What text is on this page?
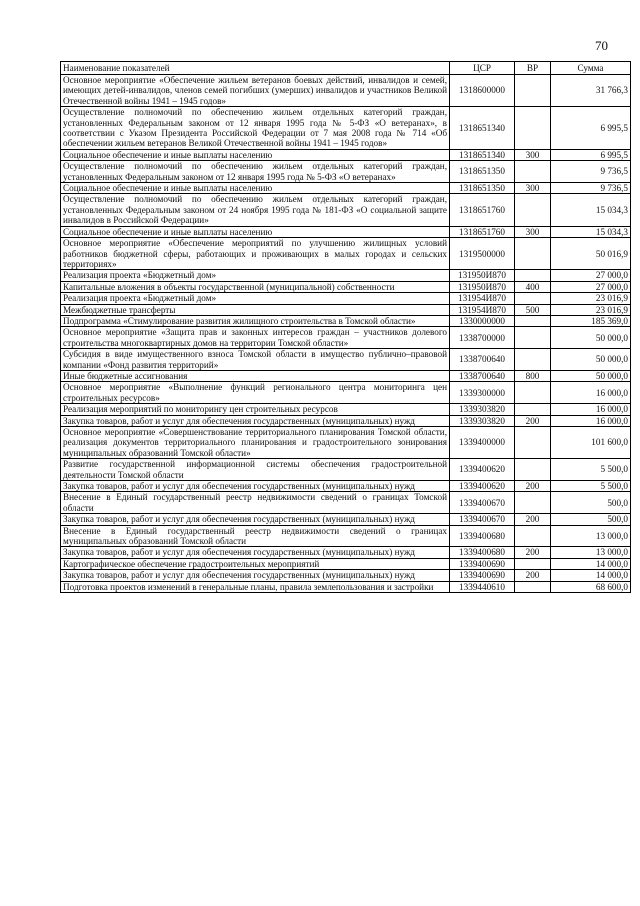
70
Наименование показателей	ЦСР	ВР	Сумма
Основное мероприятие «Обеспечение жильем ветеранов боевых действий, инвалидов и семей, имеющих детей-инвалидов, членов семей погибших (умерших) инвалидов и участников Великой Отечественной войны 1941 – 1945 годов»	1318600000		31 766,3
Осуществление полномочий по обеспечению жильем отдельных категорий граждан, установленных Федеральным законом от 12 января 1995 года № 5-ФЗ «О ветеранах», в соответствии с Указом Президента Российской Федерации от 7 мая 2008 года № 714 «Об обеспечении жильем ветеранов Великой Отечественной войны 1941 – 1945 годов»	1318651340		6 995,5
Социальное обеспечение и иные выплаты населению	1318651340	300	6 995,5
Осуществление полномочий по обеспечению жильем отдельных категорий граждан, установленных Федеральным законом от 12 января 1995 года № 5-ФЗ «О ветеранах»	1318651350		9 736,5
Социальное обеспечение и иные выплаты населению	1318651350	300	9 736,5
Осуществление полномочий по обеспечению жильем отдельных категорий граждан, установленных Федеральным законом от 24 ноября 1995 года № 181-ФЗ «О социальной защите инвалидов в Российской Федерации»	1318651760		15 034,3
Социальное обеспечение и иные выплаты населению	1318651760	300	15 034,3
Основное мероприятие «Обеспечение мероприятий по улучшению жилищных условий работников бюджетной сферы, работающих и проживающих в малых городах и сельских территориях»	1319500000		50 016,9
Реализация проекта «Бюджетный дом»	131950И870		27 000,0
Капитальные вложения в объекты государственной (муниципальной) собственности	131950И870	400	27 000,0
Реализация проекта «Бюджетный дом»	131954И870		23 016,9
Межбюджетные трансферты	131954И870	500	23 016,9
Подпрограмма «Стимулирование развития жилищного строительства в Томской области»	1330000000		185 369,0
Основное мероприятие «Защита прав и законных интересов граждан – участников долевого строительства многоквартирных домов на территории Томской области»	1338700000		50 000,0
Субсидия в виде имущественного взноса Томской области в имущество публично–правовой компании «Фонд развития территорий»	1338700640		50 000,0
Иные бюджетные ассигнования	1338700640	800	50 000,0
Основное мероприятие «Выполнение функций регионального центра мониторинга цен строительных ресурсов»	1339300000		16 000,0
Реализация мероприятий по мониторингу цен строительных ресурсов	1339303820		16 000,0
Закупка товаров, работ и услуг для обеспечения государственных (муниципальных) нужд	1339303820	200	16 000,0
Основное мероприятие «Совершенствование территориального планирования Томской области, реализация документов территориального планирования и градостроительного зонирования муниципальных образований Томской области»	1339400000		101 600,0
Развитие государственной информационной системы обеспечения градостроительной деятельности Томской области	1339400620		5 500,0
Закупка товаров, работ и услуг для обеспечения государственных (муниципальных) нужд	1339400620	200	5 500,0
Внесение в Единый государственный реестр недвижимости сведений о границах Томской области	1339400670		500,0
Закупка товаров, работ и услуг для обеспечения государственных (муниципальных) нужд	1339400670	200	500,0
Внесение в Единый государственный реестр недвижимости сведений о границах муниципальных образований Томской области	1339400680		13 000,0
Закупка товаров, работ и услуг для обеспечения государственных (муниципальных) нужд	1339400680	200	13 000,0
Картографическое обеспечение градостроительных мероприятий	1339400690		14 000,0
Закупка товаров, работ и услуг для обеспечения государственных (муниципальных) нужд	1339400690	200	14 000,0
Подготовка проектов изменений в генеральные планы, правила землепользования и застройки	1339440610		68 600,0
